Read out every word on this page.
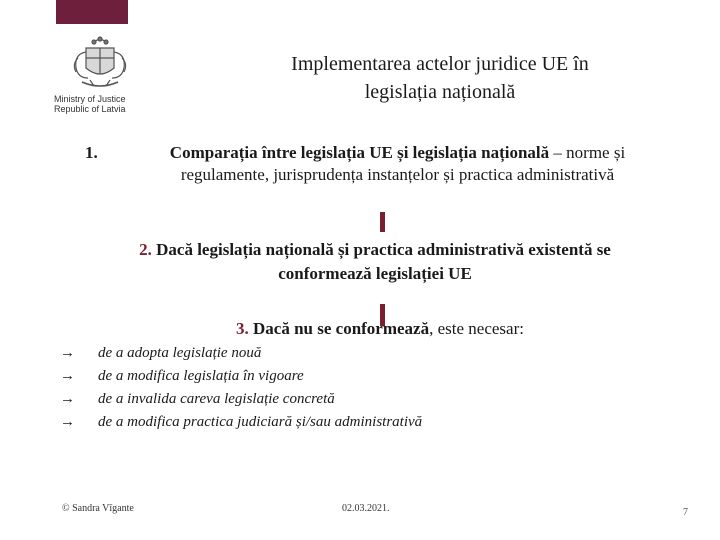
Ministry of Justice
Republic of Latvia
Implementarea actelor juridice UE în
legislația națională
1.	Comparația între legislația UE și legislația națională – norme și
regulamente, jurisprudența instanțelor și practica administrativă
2. Dacă legislația națională și practica administrativă existentă se
conformează legislației UE
3. Dacă nu se conformează, este necesar:
→ de a adopta legislație nouă
→ de a modifica legislația în vigoare
→ de a invalida careva legislație concretă
→ de a modifica practica judiciară și/sau administrativă
© Sandra Vīgante	02.03.2021.	7
